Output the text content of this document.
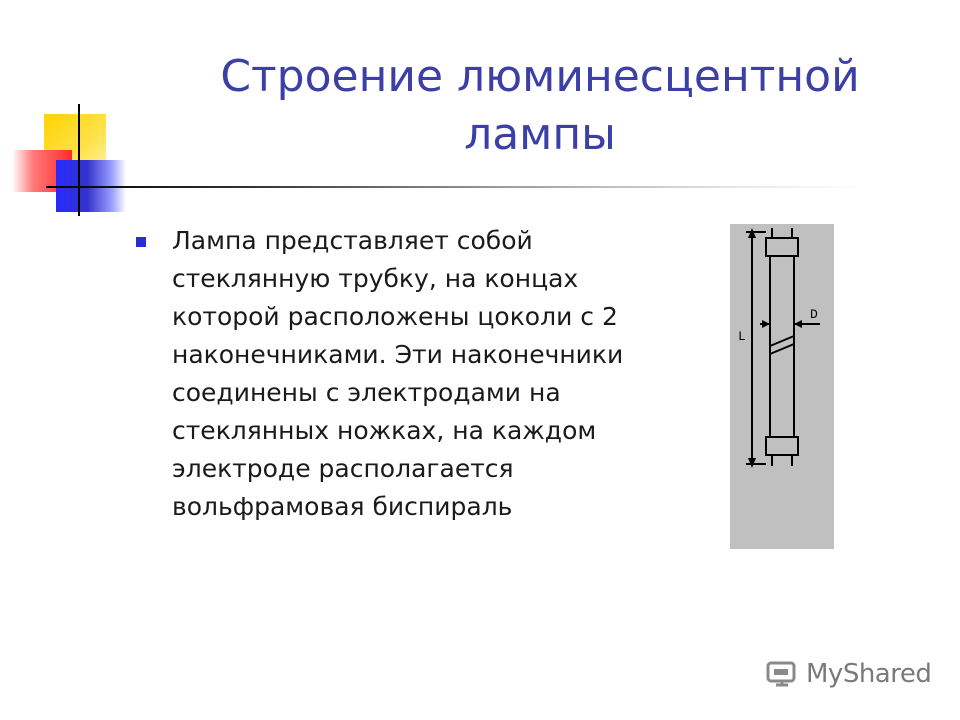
Строение люминесцентной лампы
Лампа представляет собой стеклянную трубку, на концах которой расположены цоколи с 2 наконечниками. Эти наконечники соединены с электродами на стеклянных ножках, на каждом электроде располагается вольфрамовая биспираль
L
D
MyShared
